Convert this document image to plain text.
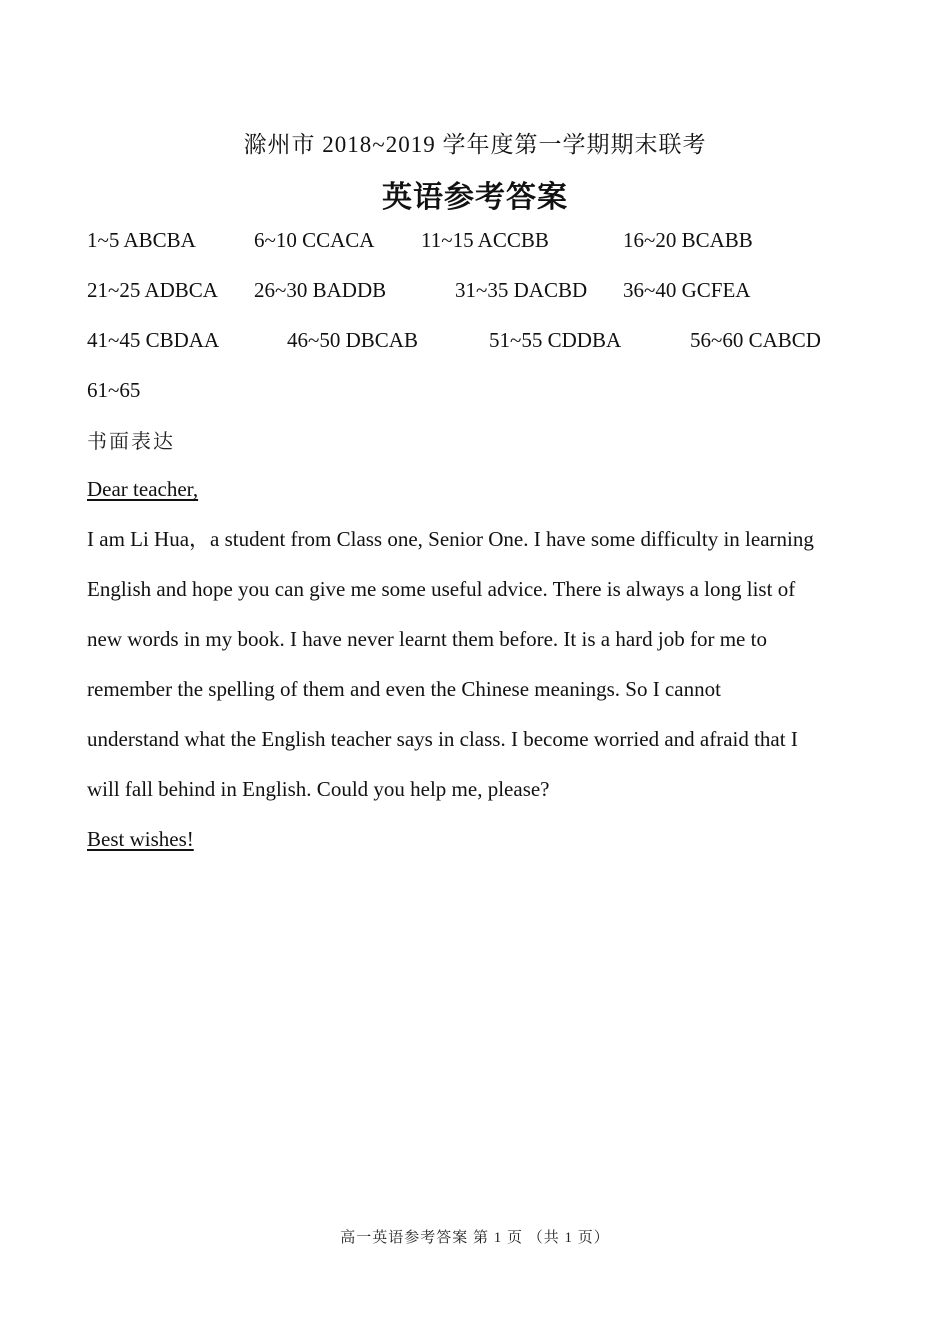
滁州市 2018~2019 学年度第一学期期末联考
英语参考答案
1~5 ABCBA	6~10 CCACA 11~15 ACCBB	16~20 BCABB
21~25 ADBCA 26~30 BADDB	31~35 DACBD 36~40 GCFEA
41~45 CBDAA	46~50 DBCAB	51~55 CDDBA	56~60 CABCD
61~65
书面表达
Dear teacher,
I am Li Hua，a student from Class one, Senior One. I have some difficulty in learning
English and hope you can give me some useful advice. There is always a long list of
new words in my book. I have never learnt them before. It is a hard job for me to
remember the spelling of them and even the Chinese meanings. So I cannot
understand what the English teacher says in class. I become worried and afraid that I
will fall behind in English. Could you help me, please?
Best wishes!
高一英语参考答案 第 1 页 （共 1 页）
